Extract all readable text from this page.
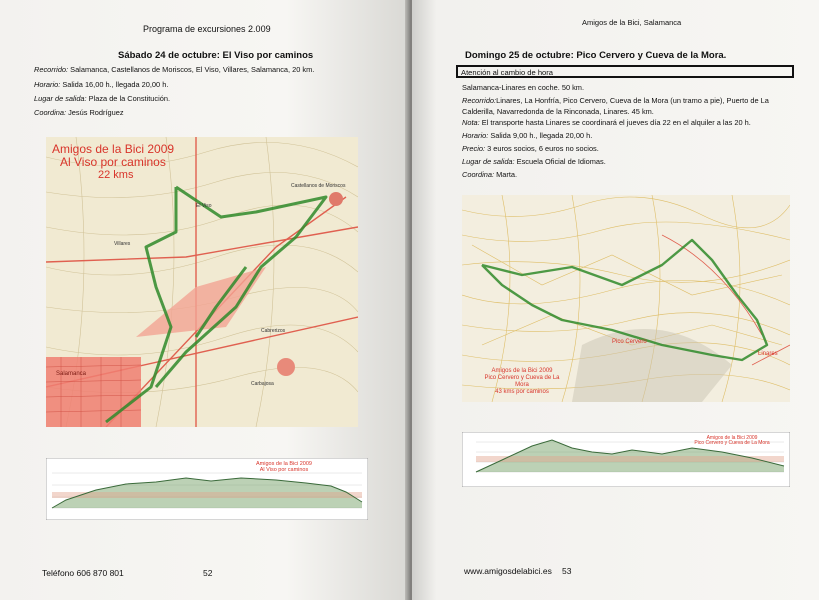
Programa de excursiones 2.009
Sábado 24 de octubre: El Viso por caminos
Recorrido: Salamanca, Castellanos de Moriscos, El Viso, Villares, Salamanca, 20 km.
Horario: Salida 16,00 h., llegada 20,00 h.
Lugar de salida: Plaza de la Constitución.
Coordina: Jesús Rodríguez
Amigos de la Bici 2009
Al Viso por caminos
22 kms
Castellanos de Moriscos
Villares
Salamanca
El Viso
Carbajosa
Cabrerizos
Amigos de la Bici 2009
Al Viso por caminos
Teléfono 606 870 801	52
Amigos de la Bici, Salamanca
Domingo 25 de octubre: Pico Cervero y Cueva de la Mora.
Atención al cambio de hora
Salamanca-Linares en coche. 50 km.
Recorrido:Linares, La Honfría, Pico Cervero, Cueva de la Mora (un tramo a pie), Puerto de La Calderilla, Navarredonda de la Rinconada, Linares. 45 km.
Nota: El transporte hasta Linares se coordinará el jueves día 22 en el alquiler a las 20 h.
Horario: Salida 9,00 h., llegada 20,00 h.
Precio: 3 euros socios, 6 euros no socios.
Lugar de salida: Escuela Oficial de Idiomas.
Coordina: Marta.
Pico Cervero
Linares
Amigos de la Bici 2009
Pico Cervero y Cueva de La
Mora
43 kms por caminos
Amigos de la Bici 2009
Pico Cervero y Cueva de La Mora
www.amigosdelabici.es 53
